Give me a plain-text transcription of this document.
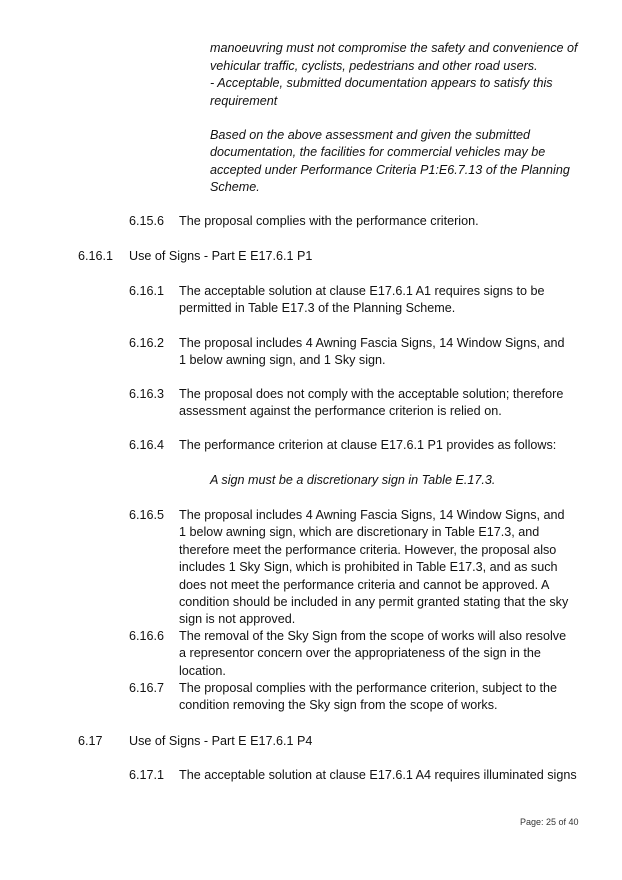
manoeuvring must not compromise the safety and convenience of
vehicular traffic, cyclists, pedestrians and other road users.
- Acceptable, submitted documentation appears to satisfy this
requirement
Based on the above assessment and given the submitted documentation, the facilities for commercial vehicles may be accepted under Performance Criteria P1:E6.7.13 of the Planning Scheme.
6.15.6	The proposal complies with the performance criterion.
6.16.1	Use of Signs - Part E E17.6.1 P1
6.16.1	The acceptable solution at clause E17.6.1 A1 requires signs to be permitted in Table E17.3 of the Planning Scheme.
6.16.2	The proposal includes 4 Awning Fascia Signs, 14 Window Signs, and 1 below awning sign, and 1 Sky sign.
6.16.3	The proposal does not comply with the acceptable solution; therefore assessment against the performance criterion is relied on.
6.16.4	The performance criterion at clause E17.6.1 P1 provides as follows:
A sign must be a discretionary sign in Table E.17.3.
6.16.5	The proposal includes 4 Awning Fascia Signs, 14 Window Signs, and 1 below awning sign, which are discretionary in Table E17.3, and therefore meet the performance criteria. However, the proposal also includes 1 Sky Sign, which is prohibited in Table E17.3, and as such does not meet the performance criteria and cannot be approved. A condition should be included in any permit granted stating that the sky sign is not approved.
6.16.6	The removal of the Sky Sign from the scope of works will also resolve a representor concern over the appropriateness of the sign in the location.
6.16.7	The proposal complies with the performance criterion, subject to the condition removing the Sky sign from the scope of works.
6.17	Use of Signs - Part E E17.6.1 P4
6.17.1	The acceptable solution at clause E17.6.1 A4 requires illuminated signs
Page: 25 of 40
